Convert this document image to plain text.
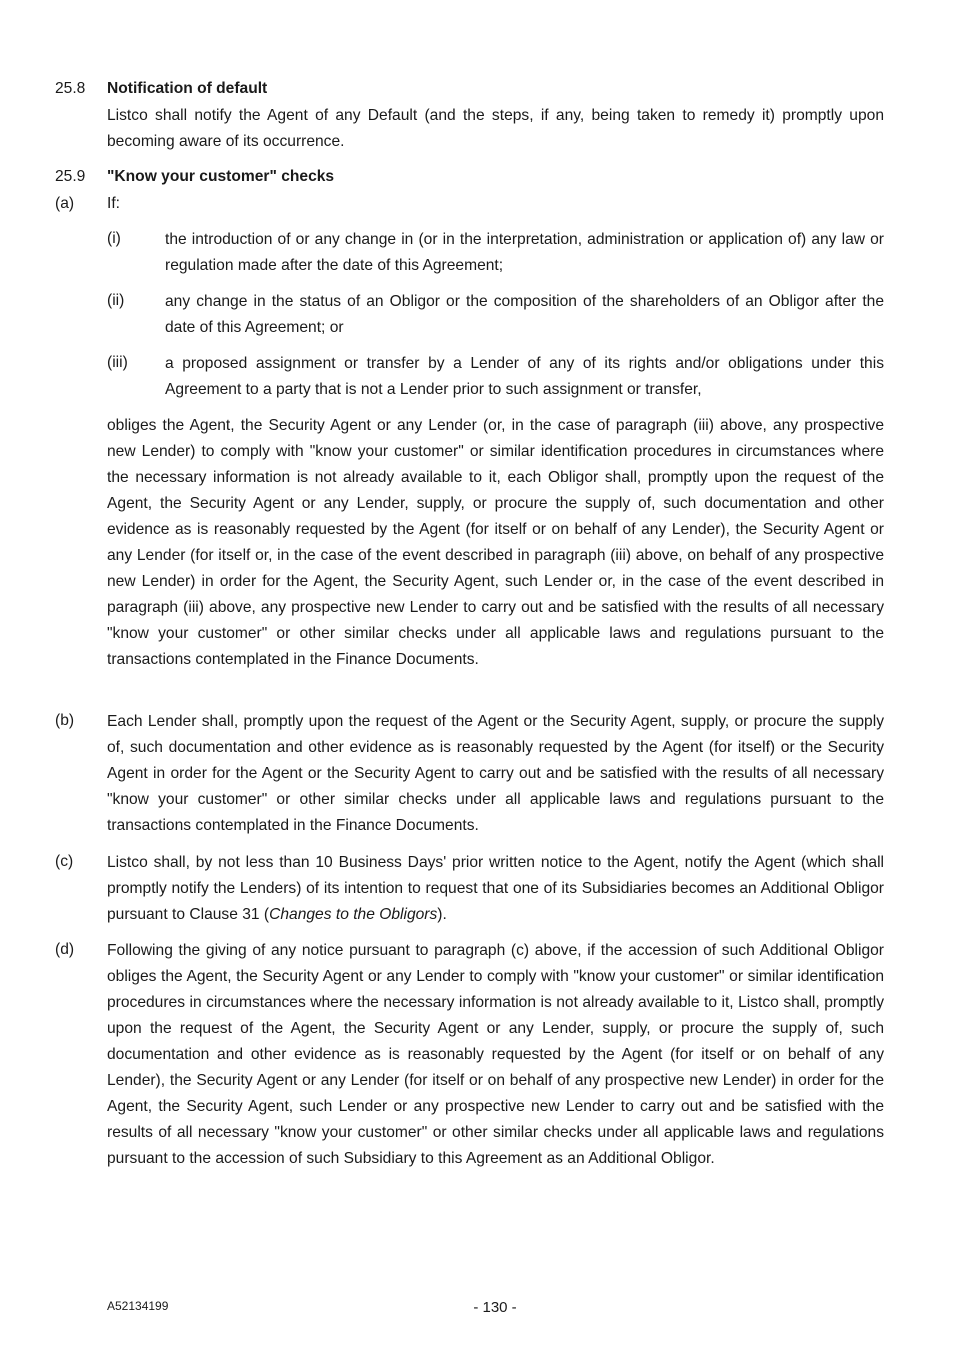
25.8 Notification of default
Listco shall notify the Agent of any Default (and the steps, if any, being taken to remedy it) promptly upon becoming aware of its occurrence.
25.9 "Know your customer" checks
(a) If:
(i)	the introduction of or any change in (or in the interpretation, administration or application of) any law or regulation made after the date of this Agreement;
(ii)	any change in the status of an Obligor or the composition of the shareholders of an Obligor after the date of this Agreement; or
(iii) a proposed assignment or transfer by a Lender of any of its rights and/or obligations under this Agreement to a party that is not a Lender prior to such assignment or transfer,
obliges the Agent, the Security Agent or any Lender (or, in the case of paragraph (iii) above, any prospective new Lender) to comply with "know your customer" or similar identification procedures in circumstances where the necessary information is not already available to it, each Obligor shall, promptly upon the request of the Agent, the Security Agent or any Lender, supply, or procure the supply of, such documentation and other evidence as is reasonably requested by the Agent (for itself or on behalf of any Lender), the Security Agent or any Lender (for itself or, in the case of the event described in paragraph (iii) above, on behalf of any prospective new Lender) in order for the Agent, the Security Agent, such Lender or, in the case of the event described in paragraph (iii) above, any prospective new Lender to carry out and be satisfied with the results of all necessary "know your customer" or other similar checks under all applicable laws and regulations pursuant to the transactions contemplated in the Finance Documents.
(b) Each Lender shall, promptly upon the request of the Agent or the Security Agent, supply, or procure the supply of, such documentation and other evidence as is reasonably requested by the Agent (for itself) or the Security Agent in order for the Agent or the Security Agent to carry out and be satisfied with the results of all necessary "know your customer" or other similar checks under all applicable laws and regulations pursuant to the transactions contemplated in the Finance Documents.
(c) Listco shall, by not less than 10 Business Days' prior written notice to the Agent, notify the Agent (which shall promptly notify the Lenders) of its intention to request that one of its Subsidiaries becomes an Additional Obligor pursuant to Clause 31 (Changes to the Obligors).
(d) Following the giving of any notice pursuant to paragraph (c) above, if the accession of such Additional Obligor obliges the Agent, the Security Agent or any Lender to comply with "know your customer" or similar identification procedures in circumstances where the necessary information is not already available to it, Listco shall, promptly upon the request of the Agent, the Security Agent or any Lender, supply, or procure the supply of, such documentation and other evidence as is reasonably requested by the Agent (for itself or on behalf of any Lender), the Security Agent or any Lender (for itself or on behalf of any prospective new Lender) in order for the Agent, the Security Agent, such Lender or any prospective new Lender to carry out and be satisfied with the results of all necessary "know your customer" or other similar checks under all applicable laws and regulations pursuant to the accession of such Subsidiary to this Agreement as an Additional Obligor.
A52134199	- 130 -
